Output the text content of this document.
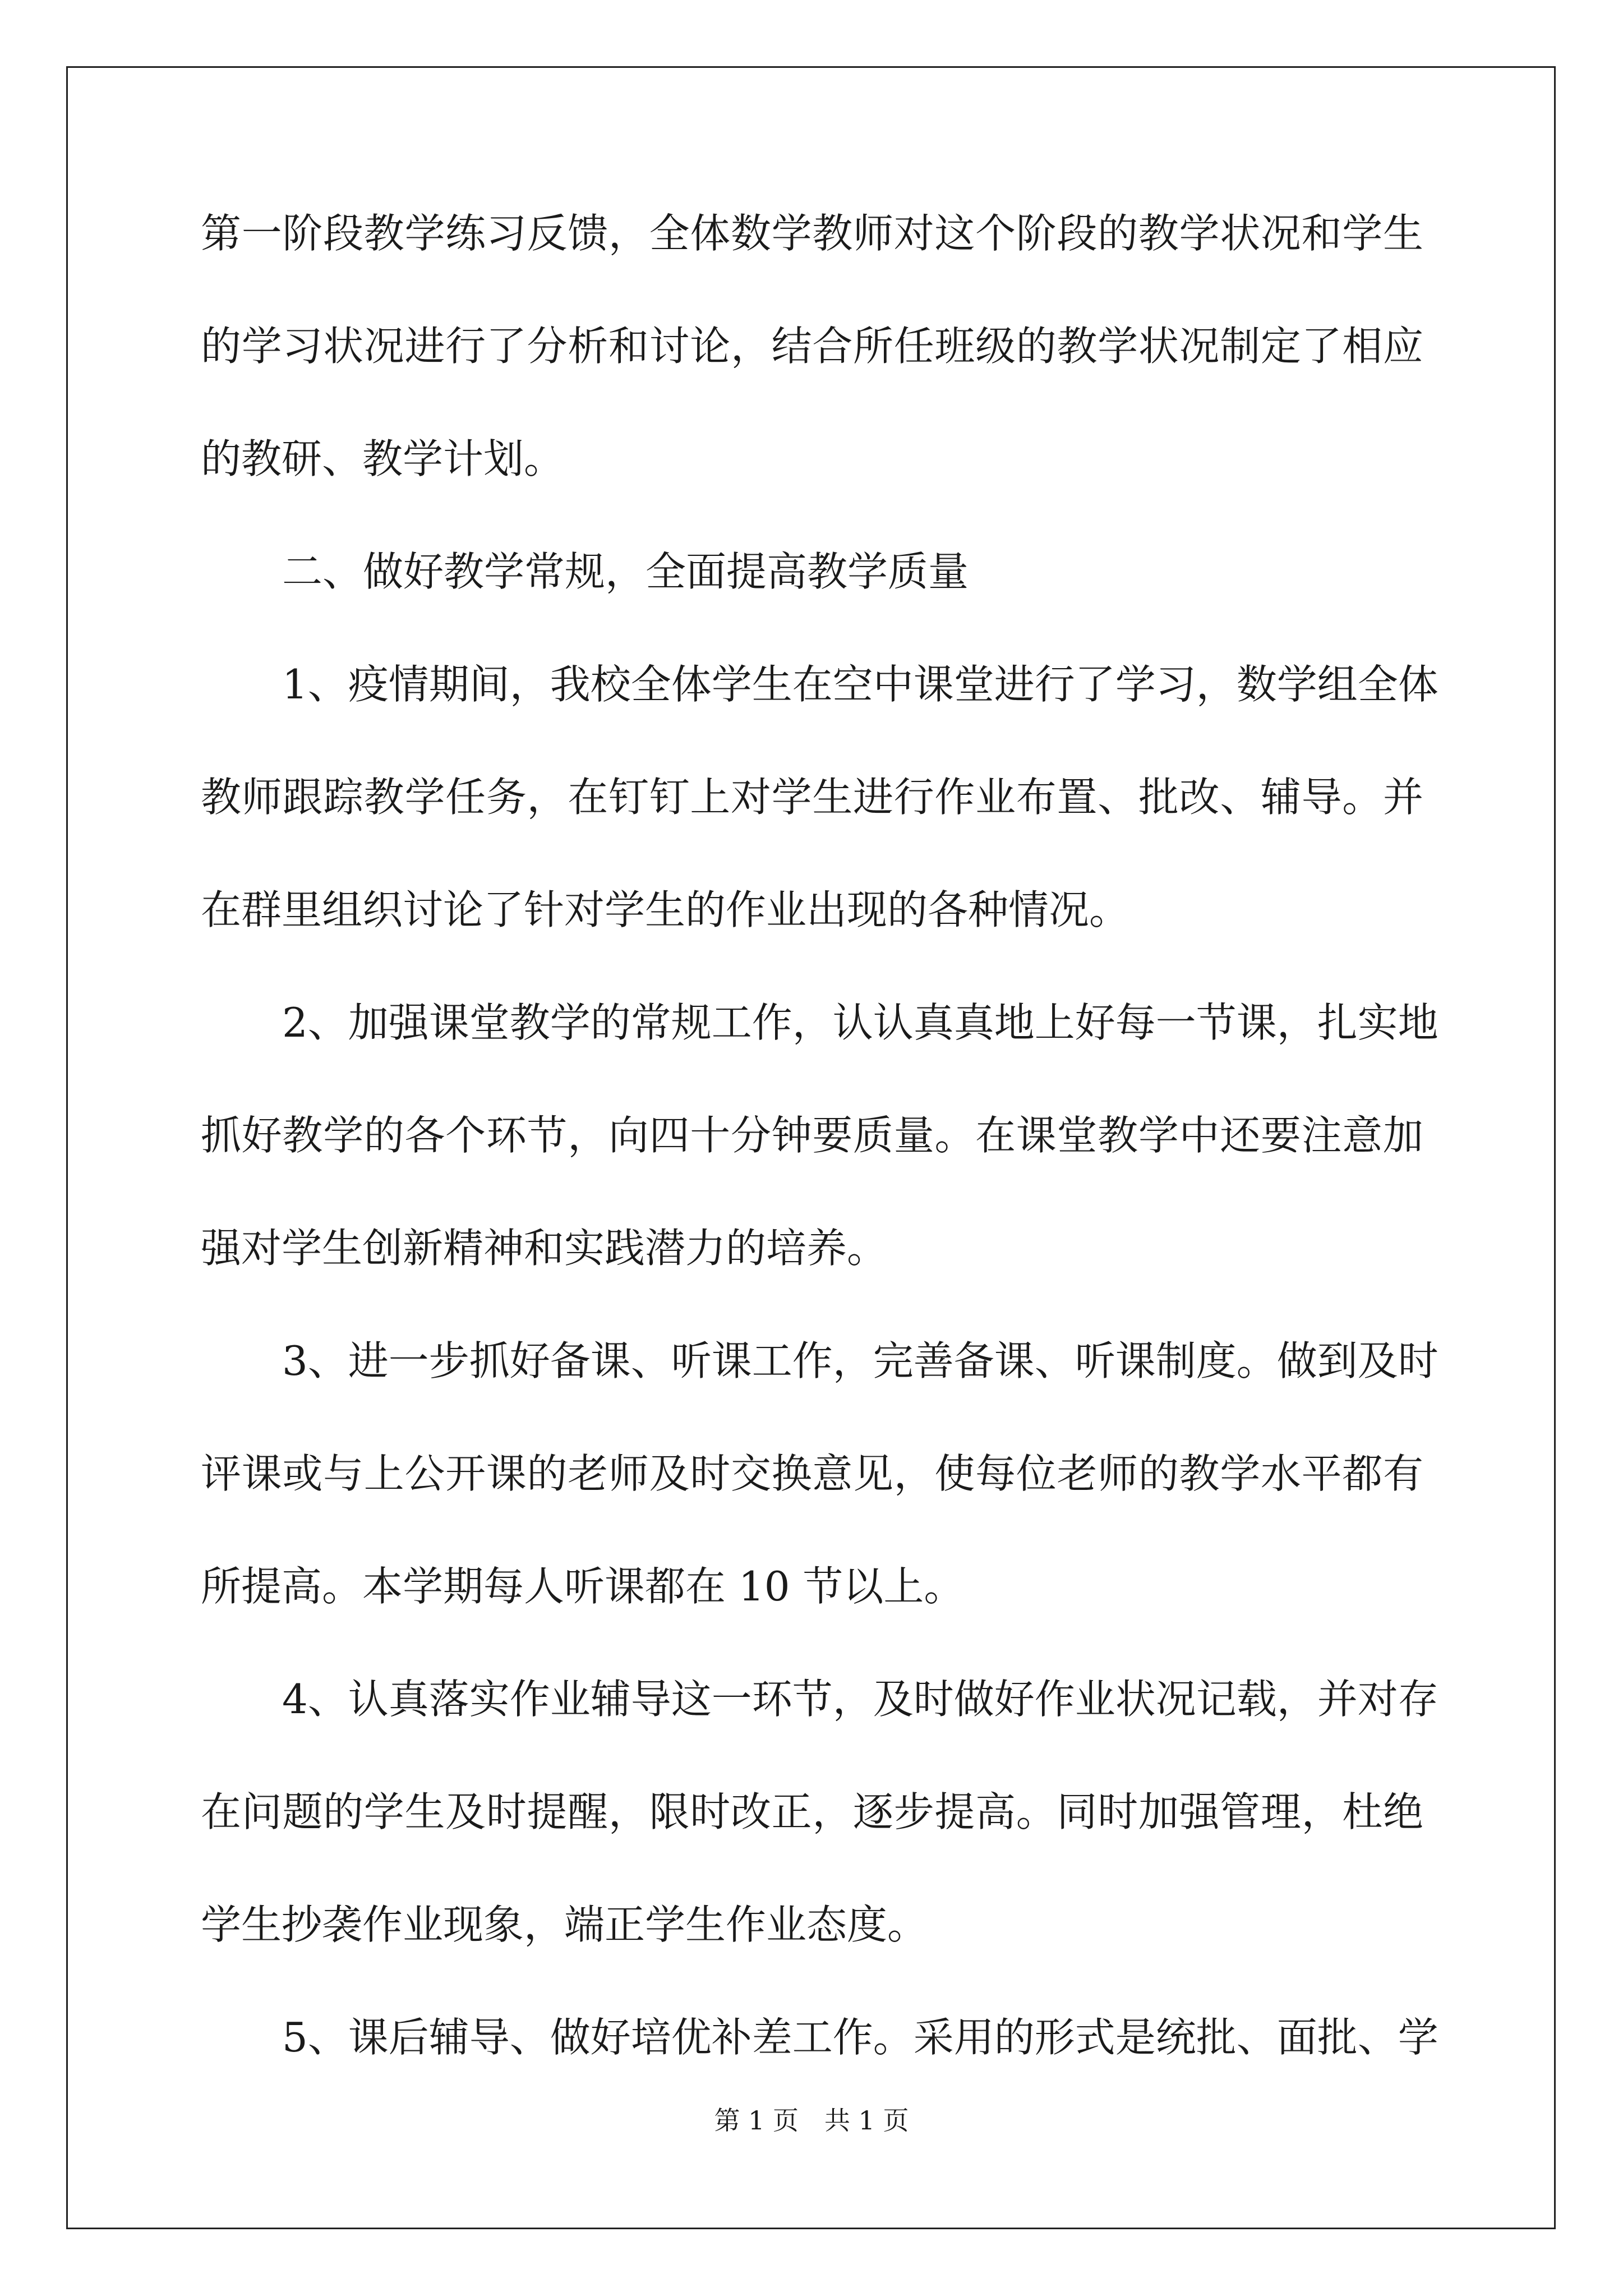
第一阶段教学练习反馈，全体数学教师对这个阶段的教学状况和学生
的学习状况进行了分析和讨论，结合所任班级的教学状况制定了相应
的教研、教学计划。
二、做好教学常规，全面提高教学质量
1、疫情期间，我校全体学生在空中课堂进行了学习，数学组全体
教师跟踪教学任务，在钉钉上对学生进行作业布置、批改、辅导。并
在群里组织讨论了针对学生的作业出现的各种情况。
2、加强课堂教学的常规工作，认认真真地上好每一节课，扎实地
抓好教学的各个环节，向四十分钟要质量。在课堂教学中还要注意加
强对学生创新精神和实践潜力的培养。
3、进一步抓好备课、听课工作，完善备课、听课制度。做到及时
评课或与上公开课的老师及时交换意见，使每位老师的教学水平都有
所提高。本学期每人听课都在 10 节以上。
4、认真落实作业辅导这一环节，及时做好作业状况记载，并对存
在问题的学生及时提醒，限时改正，逐步提高。同时加强管理，杜绝
学生抄袭作业现象，端正学生作业态度。
5、课后辅导、做好培优补差工作。采用的形式是统批、面批、学
第 1 页　共 1 页
